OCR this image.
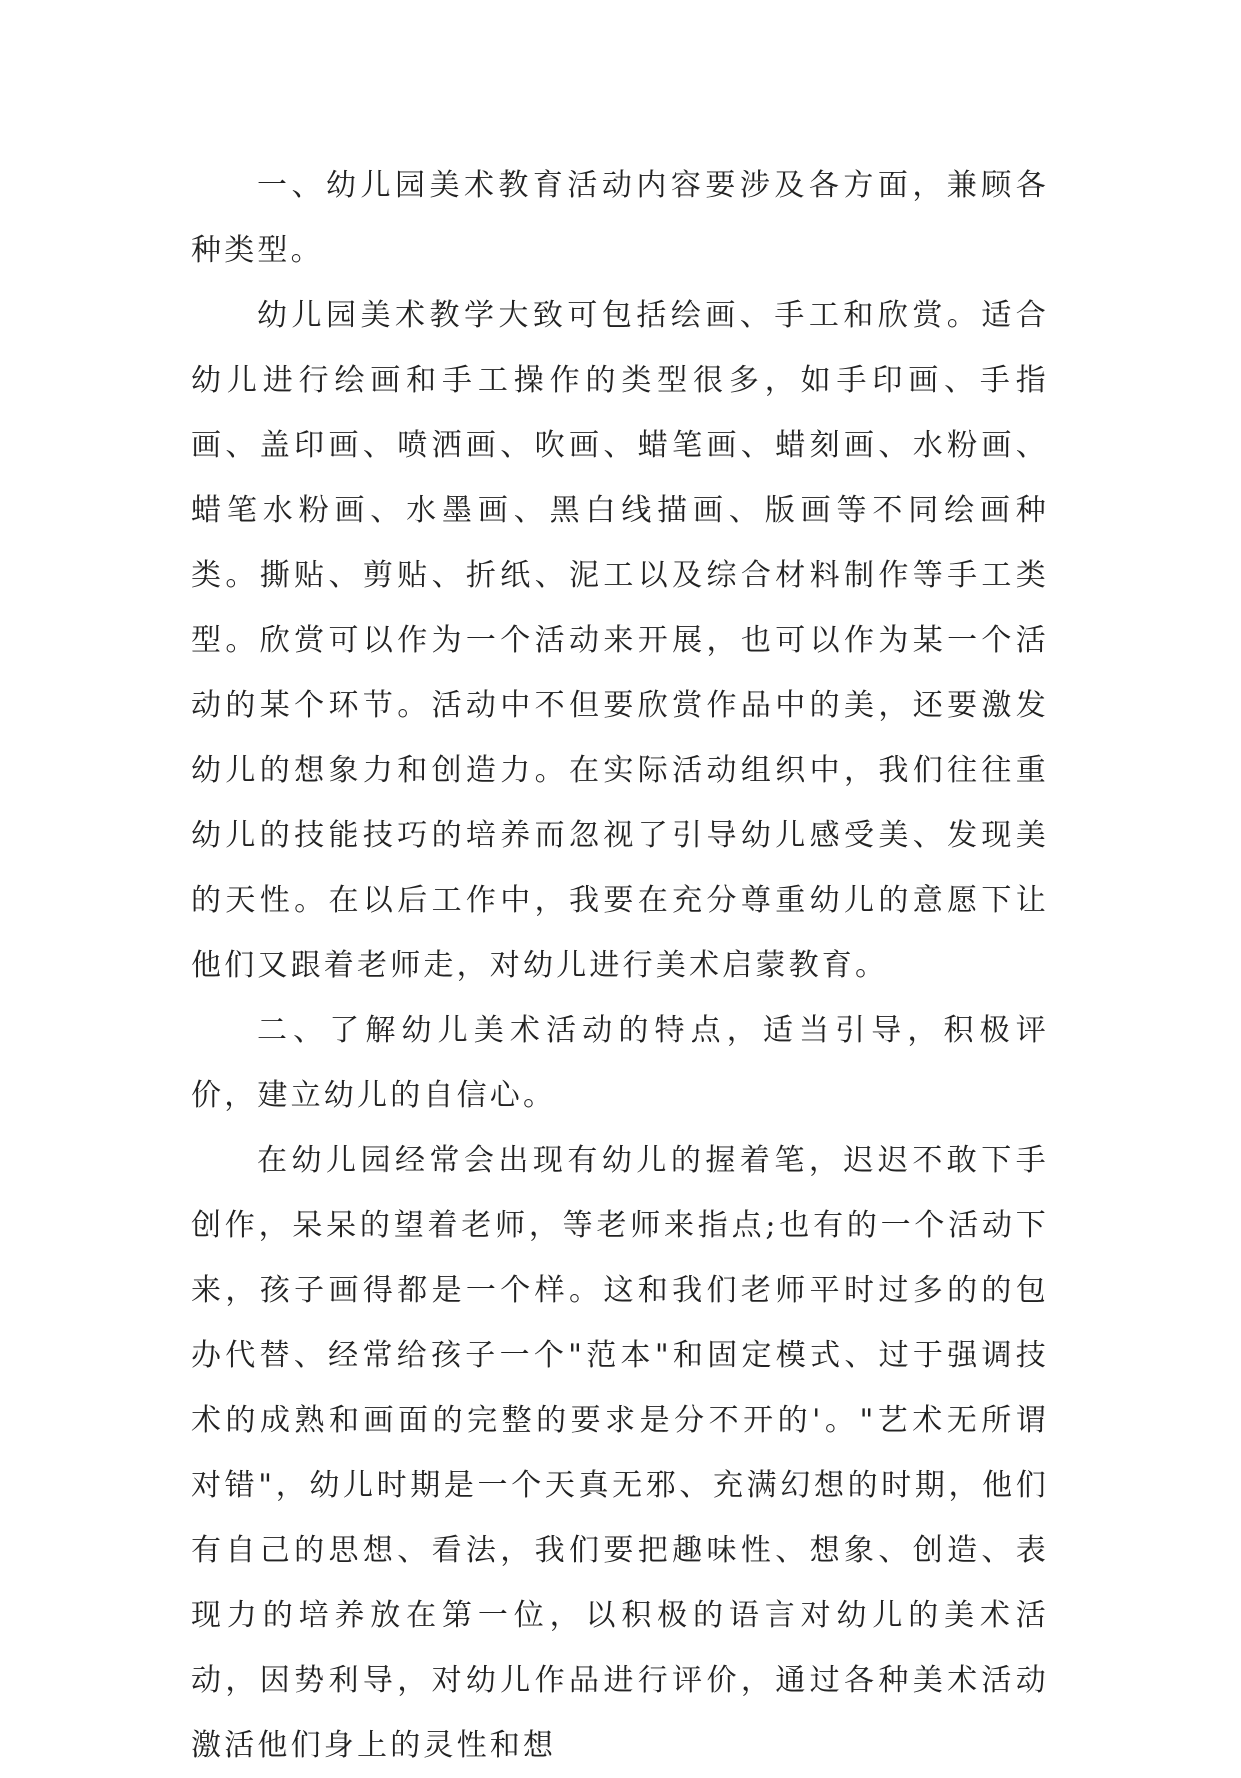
一、幼儿园美术教育活动内容要涉及各方面，兼顾各种类型。

幼儿园美术教学大致可包括绘画、手工和欣赏。适合幼儿进行绘画和手工操作的类型很多，如手印画、手指画、盖印画、喷洒画、吹画、蜡笔画、蜡刻画、水粉画、蜡笔水粉画、水墨画、黑白线描画、版画等不同绘画种类。撕贴、剪贴、折纸、泥工以及综合材料制作等手工类型。欣赏可以作为一个活动来开展，也可以作为某一个活动的某个环节。活动中不但要欣赏作品中的美，还要激发幼儿的想象力和创造力。在实际活动组织中，我们往往重幼儿的技能技巧的培养而忽视了引导幼儿感受美、发现美的天性。在以后工作中，我要在充分尊重幼儿的意愿下让他们又跟着老师走，对幼儿进行美术启蒙教育。

二、了解幼儿美术活动的特点，适当引导，积极评价，建立幼儿的自信心。

在幼儿园经常会出现有幼儿的握着笔，迟迟不敢下手创作，呆呆的望着老师，等老师来指点;也有的一个活动下来，孩子画得都是一个样。这和我们老师平时过多的的包办代替、经常给孩子一个"范本"和固定模式、过于强调技术的成熟和画面的完整的要求是分不开的'。"艺术无所谓对错"，幼儿时期是一个天真无邪、充满幻想的时期，他们有自己的思想、看法，我们要把趣味性、想象、创造、表现力的培养放在第一位，以积极的语言对幼儿的美术活动，因势利导，对幼儿作品进行评价，通过各种美术活动激活他们身上的灵性和想
